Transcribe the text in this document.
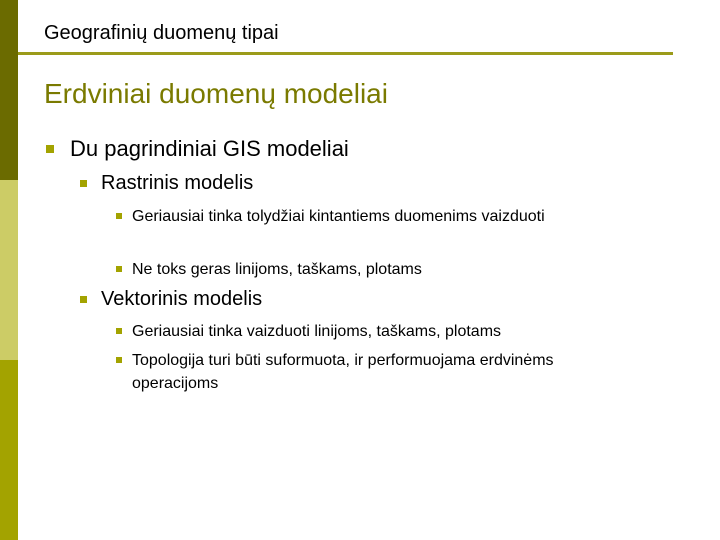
Geografinių duomenų tipai
Erdviniai duomenų modeliai
Du pagrindiniai GIS modeliai
Rastrinis modelis
Geriausiai tinka tolydžiai kintantiems duomenims vaizduoti
Ne toks geras linijoms, taškams, plotams
Vektorinis modelis
Geriausiai tinka vaizduoti linijoms, taškams, plotams
Topologija turi būti suformuota, ir performuojama erdvinėms operacijoms
